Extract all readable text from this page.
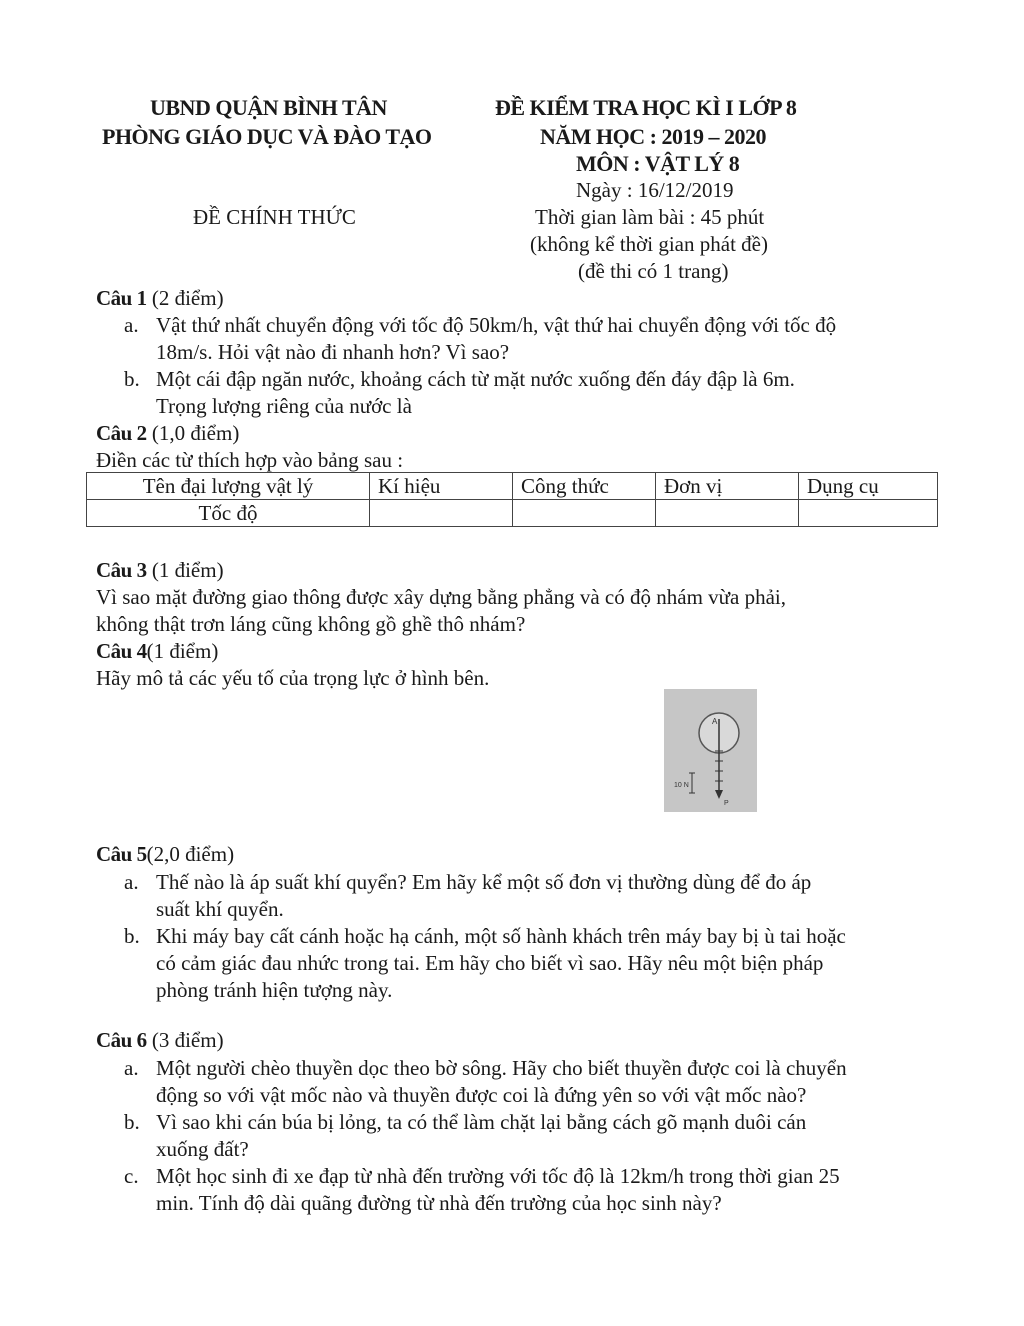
UBND QUẬN BÌNH TÂN
PHÒNG GIÁO DỤC VÀ ĐÀO TẠO
ĐỀ CHÍNH THỨC
ĐỀ KIỂM TRA HỌC KÌ I LỚP 8
NĂM HỌC : 2019 – 2020
MÔN : VẬT LÝ 8
Ngày : 16/12/2019
Thời gian làm bài : 45 phút
(không kể thời gian phát đề)
(đề thi có 1 trang)
Câu 1 (2 điểm)
a. Vật thứ nhất chuyển động với tốc độ 50km/h, vật thứ hai chuyển động với tốc độ
18m/s. Hỏi vật nào đi nhanh hơn? Vì sao?
b. Một cái đập ngăn nước, khoảng cách từ mặt nước xuống đến đáy đập là 6m.
Trọng lượng riêng của nước là
Câu 2 (1,0 điểm)
Điền các từ thích hợp vào bảng sau :
Tên đại lượng vật lý	Kí hiệu	Công thức	Đơn vị	Dụng cụ
Tốc độ				
Câu 3 (1 điểm)
Vì sao mặt đường giao thông được xây dựng bằng phẳng và có độ nhám vừa phải,
không thật trơn láng cũng không gồ ghề thô nhám?
Câu 4(1 điểm)
Hãy mô tả các yếu tố của trọng lực ở hình bên.
10 N
A
P
Câu 5(2,0 điểm)
a. Thế nào là áp suất khí quyển? Em hãy kể một số đơn vị thường dùng để đo áp
suất khí quyển.
b. Khi máy bay cất cánh hoặc hạ cánh, một số hành khách trên máy bay bị ù tai hoặc
có cảm giác đau nhức trong tai. Em hãy cho biết vì sao. Hãy nêu một biện pháp
phòng tránh hiện tượng này.
Câu 6 (3 điểm)
a. Một người chèo thuyền dọc theo bờ sông. Hãy cho biết thuyền được coi là chuyển
động so với vật mốc nào và thuyền được coi là đứng yên so với vật mốc nào?
b. Vì sao khi cán búa bị lỏng, ta có thể làm chặt lại bằng cách gõ mạnh duôi cán
xuống đất?
c. Một học sinh đi xe đạp từ nhà đến trường với tốc độ là 12km/h trong thời gian 25
min. Tính độ dài quãng đường từ nhà đến trường của học sinh này?
